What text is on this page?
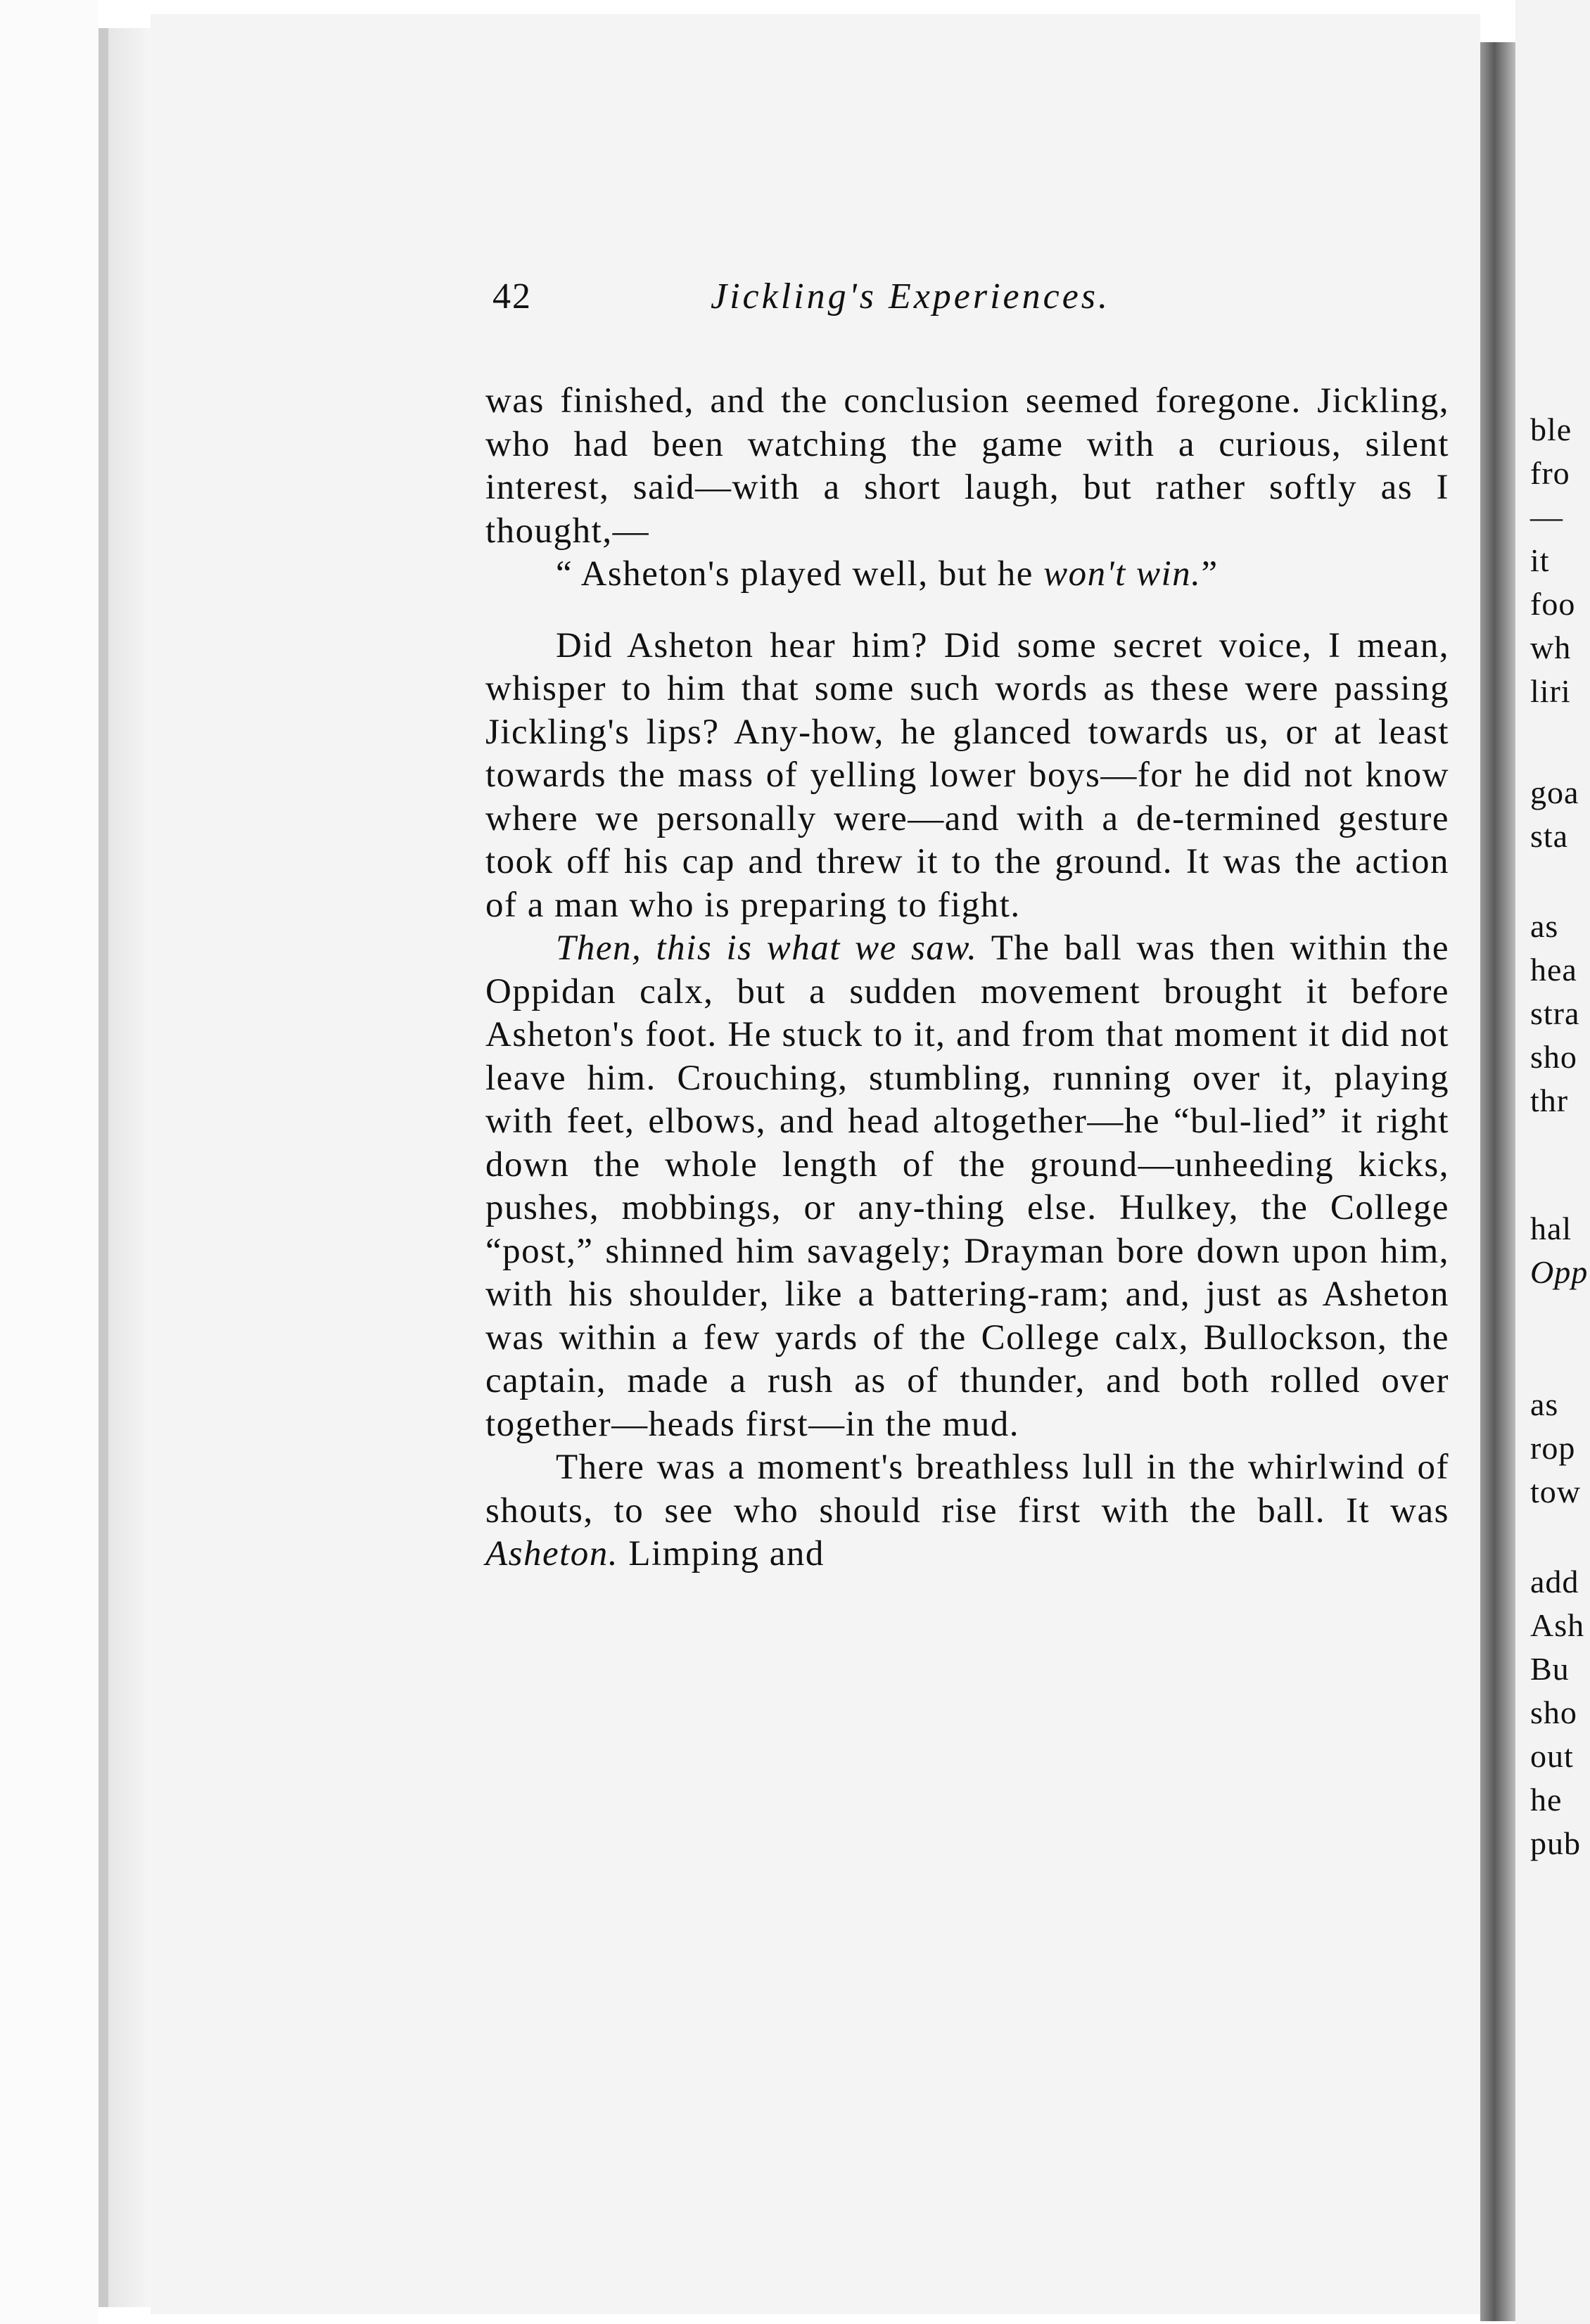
42	Jickling's Experiences.

was finished, and the conclusion seemed foregone. Jickling, who had been watching the game with a curious, silent interest, said—with a short laugh, but rather softly as I thought,—

“ Asheton's played well, but he won't win.”

Did Asheton hear him? Did some secret voice, I mean, whisper to him that some such words as these were passing Jickling's lips? Any-how, he glanced towards us, or at least towards the mass of yelling lower boys—for he did not know where we personally were—and with a de-termined gesture took off his cap and threw it to the ground. It was the action of a man who is preparing to fight.

Then, this is what we saw. The ball was then within the Oppidan calx, but a sudden movement brought it before Asheton's foot. He stuck to it, and from that moment it did not leave him. Crouching, stumbling, running over it, playing with feet, elbows, and head altogether—he “bul-lied” it right down the whole length of the ground—unheeding kicks, pushes, mobbings, or any-thing else. Hulkey, the College “post,” shinned him savagely; Drayman bore down upon him, with his shoulder, like a battering-ram; and, just as Asheton was within a few yards of the College calx, Bullockson, the captain, made a rush as of thunder, and both rolled over together—heads first—in the mud.

There was a moment's breathless lull in the whirlwind of shouts, to see who should rise first with the ball. It was Asheton. Limping and

ble
fro
—
it
foo
wh
liri
goa
sta
as
hea
stra
sho
thr
hal
Opp
as
rop
tow
add
Ash
Bu
sho
out
he
pub
